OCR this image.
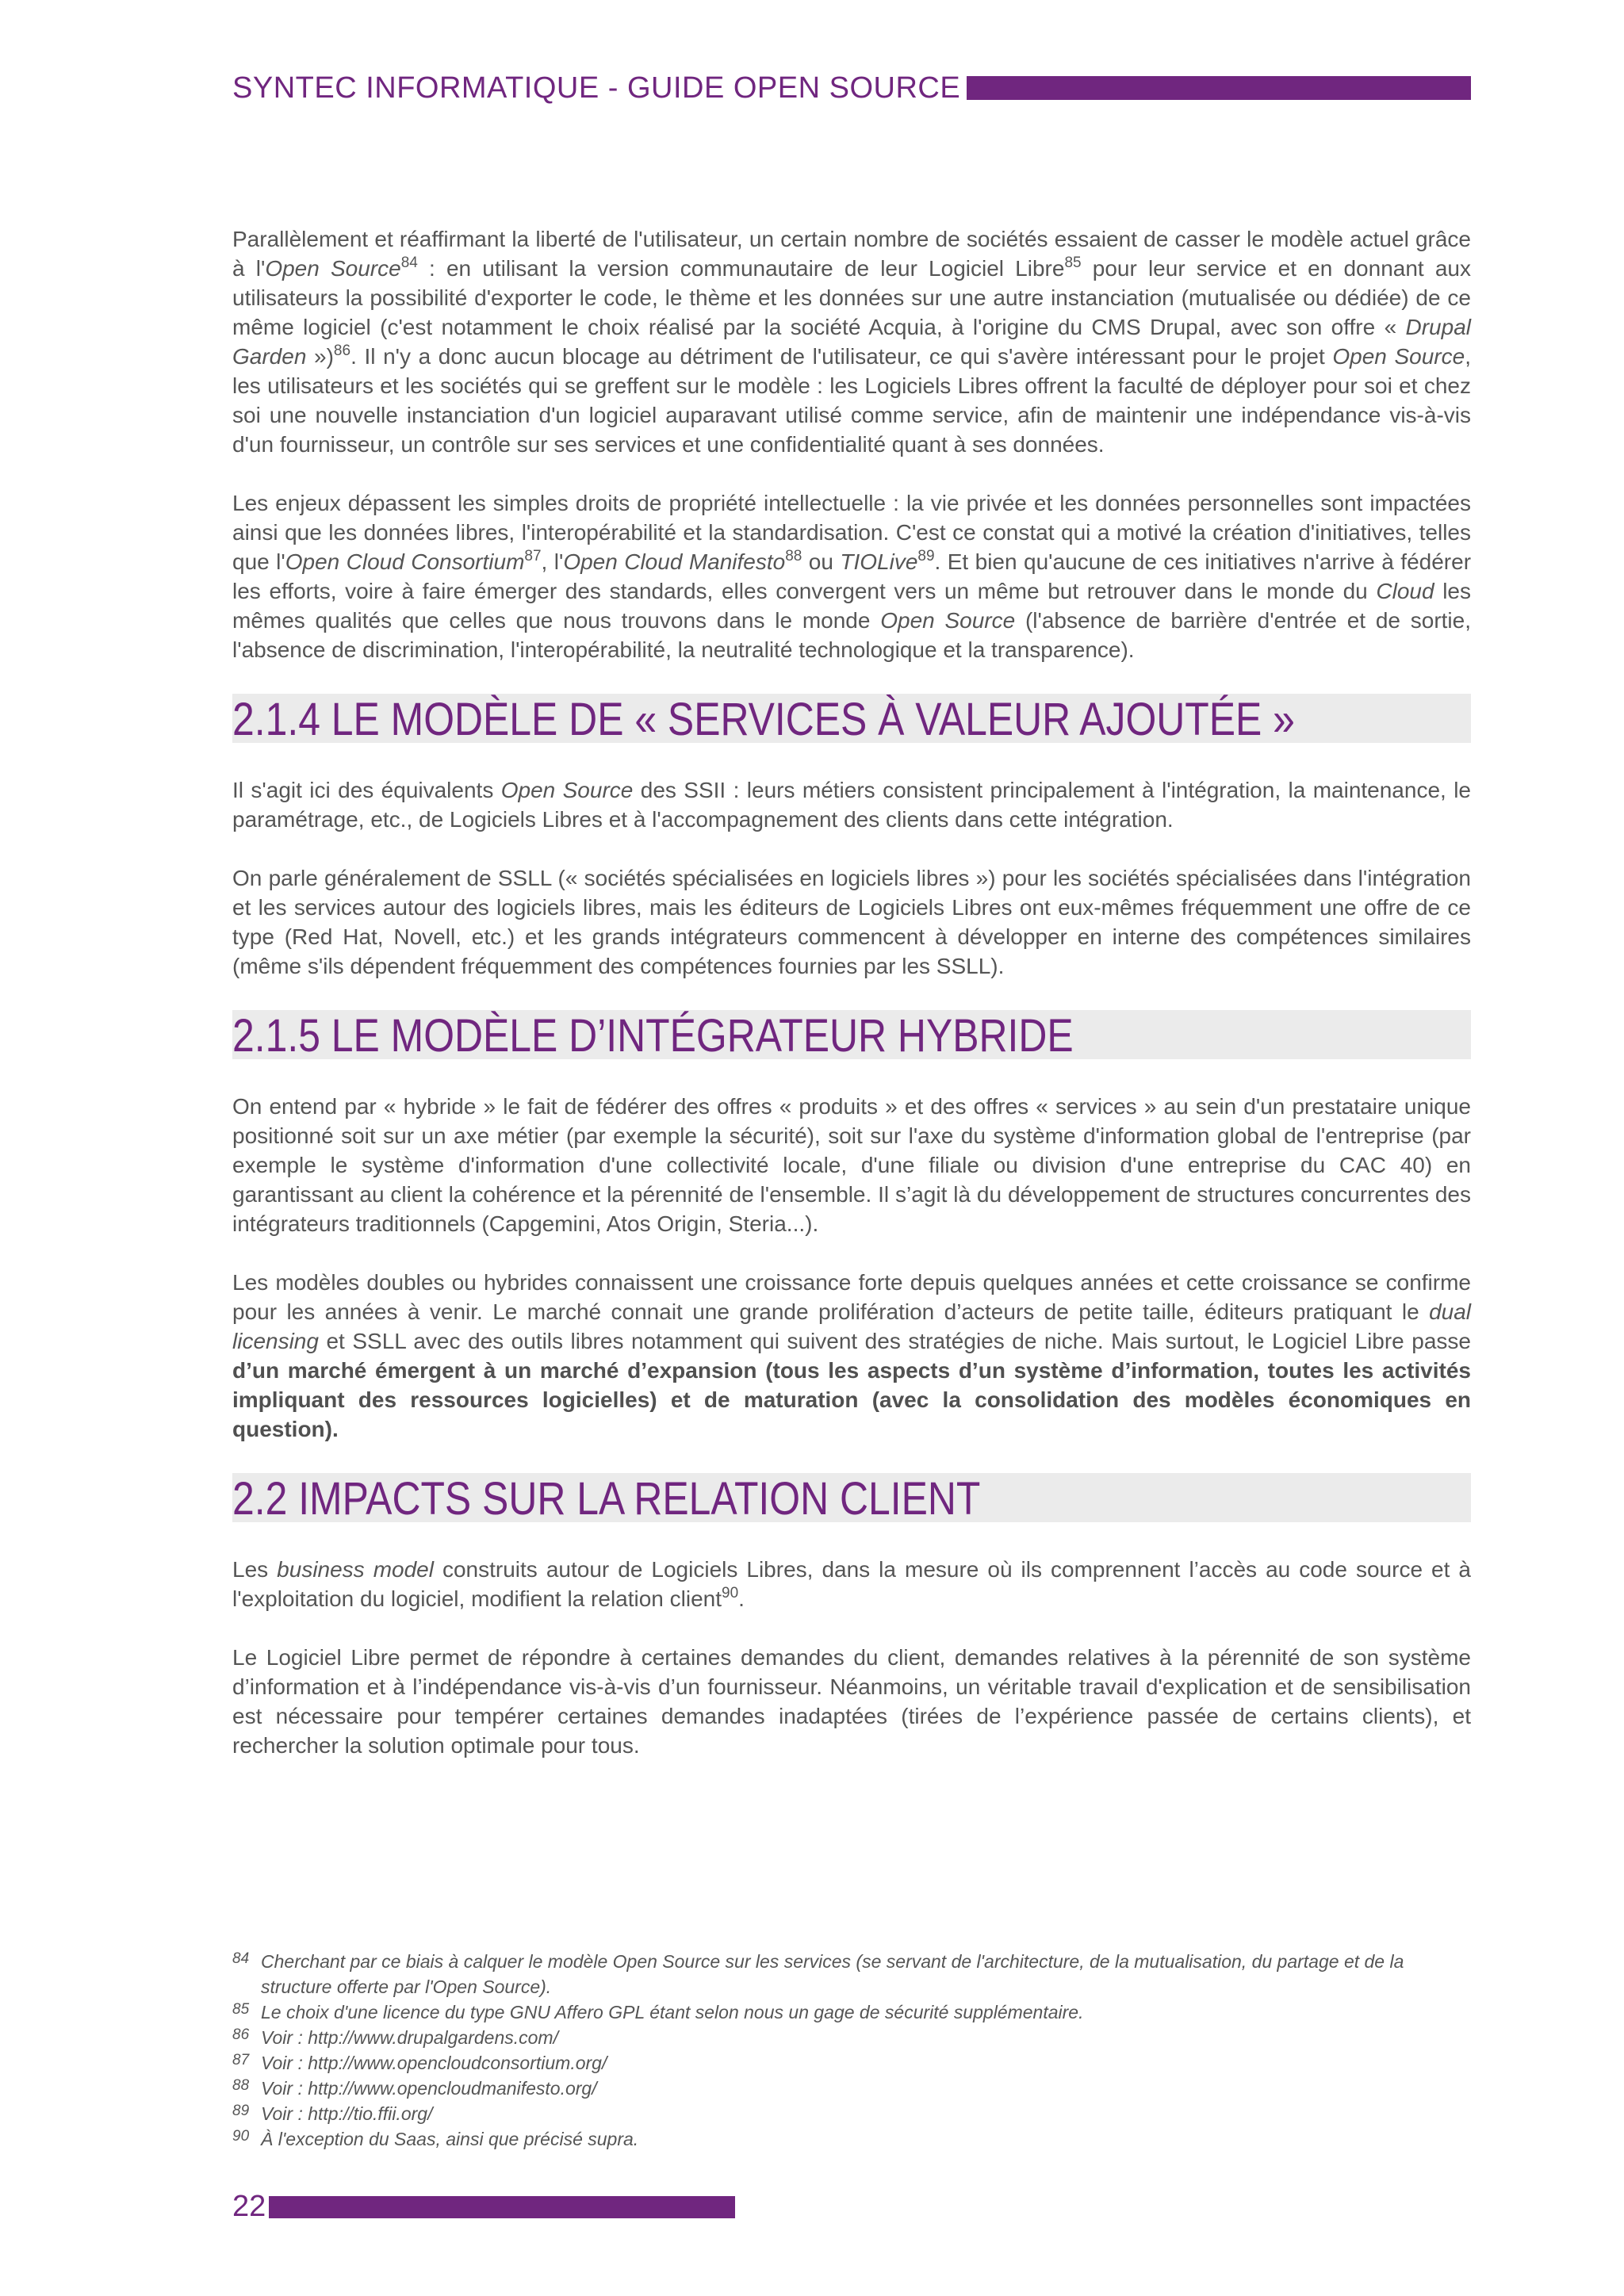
SYNTEC INFORMATIQUE - GUIDE OPEN SOURCE

Parallèlement et réaffirmant la liberté de l'utilisateur, un certain nombre de sociétés essaient de casser le modèle actuel grâce à l'Open Source$^{84}$ : en utilisant la version communautaire de leur Logiciel Libre$^{85}$ pour leur service et en donnant aux utilisateurs la possibilité d'exporter le code, le thème et les données sur une autre instanciation (mutualisée ou dédiée) de ce même logiciel (c'est notamment le choix réalisé par la société Acquia, à l'origine du CMS Drupal, avec son offre « Drupal Garden »)$^{86}$. Il n'y a donc aucun blocage au détriment de l'utilisateur, ce qui s'avère intéressant pour le projet Open Source, les utilisateurs et les sociétés qui se greffent sur le modèle : les Logiciels Libres offrent la faculté de déployer pour soi et chez soi une nouvelle instanciation d'un logiciel auparavant utilisé comme service, afin de maintenir une indépendance vis-à-vis d'un fournisseur, un contrôle sur ses services et une confidentialité quant à ses données.

Les enjeux dépassent les simples droits de propriété intellectuelle : la vie privée et les données personnelles sont impactées ainsi que les données libres, l'interopérabilité et la standardisation. C'est ce constat qui a motivé la création d'initiatives, telles que l'Open Cloud Consortium$^{87}$, l'Open Cloud Manifesto$^{88}$ ou TIOLive$^{89}$. Et bien qu'aucune de ces initiatives n'arrive à fédérer les efforts, voire à faire émerger des standards, elles convergent vers un même but retrouver dans le monde du Cloud les mêmes qualités que celles que nous trouvons dans le monde Open Source (l'absence de barrière d'entrée et de sortie, l'absence de discrimination, l'interopérabilité, la neutralité technologique et la transparence).

2.1.4 LE MODÈLE DE « SERVICES À VALEUR AJOUTÉE »

Il s'agit ici des équivalents Open Source des SSII : leurs métiers consistent principalement à l'intégration, la maintenance, le paramétrage, etc., de Logiciels Libres et à l'accompagnement des clients dans cette intégration.

On parle généralement de SSLL (« sociétés spécialisées en logiciels libres ») pour les sociétés spécialisées dans l'intégration et les services autour des logiciels libres, mais les éditeurs de Logiciels Libres ont eux-mêmes fréquemment une offre de ce type (Red Hat, Novell, etc.) et les grands intégrateurs commencent à développer en interne des compétences similaires (même s'ils dépendent fréquemment des compétences fournies par les SSLL).

2.1.5 LE MODÈLE D’INTÉGRATEUR HYBRIDE

On entend par « hybride » le fait de fédérer des offres « produits » et des offres « services » au sein d'un prestataire unique positionné soit sur un axe métier (par exemple la sécurité), soit sur l'axe du système d'information global de l'entreprise (par exemple le système d'information d'une collectivité locale, d'une filiale ou division d'une entreprise du CAC 40) en garantissant au client la cohérence et la pérennité de l'ensemble. Il s’agit là du développement de structures concurrentes des intégrateurs traditionnels (Capgemini, Atos Origin, Steria...).

Les modèles doubles ou hybrides connaissent une croissance forte depuis quelques années et cette croissance se confirme pour les années à venir. Le marché connait une grande prolifération d’acteurs de petite taille, éditeurs pratiquant le dual licensing et SSLL avec des outils libres notamment qui suivent des stratégies de niche. Mais surtout, le Logiciel Libre passe d’un marché émergent à un marché d’expansion (tous les aspects d’un système d’information, toutes les activités impliquant des ressources logicielles) et de maturation (avec la consolidation des modèles économiques en question).

2.2 IMPACTS SUR LA RELATION CLIENT

Les business model construits autour de Logiciels Libres, dans la mesure où ils comprennent l’accès au code source et à l'exploitation du logiciel, modifient la relation client$^{90}$.

Le Logiciel Libre permet de répondre à certaines demandes du client, demandes relatives à la pérennité de son système d’information et à l’indépendance vis-à-vis d’un fournisseur. Néanmoins, un véritable travail d'explication et de sensibilisation est nécessaire pour tempérer certaines demandes inadaptées (tirées de l’expérience passée de certains clients), et rechercher la solution optimale pour tous.

84 Cherchant par ce biais à calquer le modèle Open Source sur les services (se servant de l'architecture, de la mutualisation, du partage et de la structure offerte par l'Open Source).
85 Le choix d'une licence du type GNU Affero GPL étant selon nous un gage de sécurité supplémentaire.
86 Voir : http://www.drupalgardens.com/
87 Voir : http://www.opencloudconsortium.org/
88 Voir : http://www.opencloudmanifesto.org/
89 Voir : http://tio.ffii.org/
90 À l'exception du Saas, ainsi que précisé supra.
22
